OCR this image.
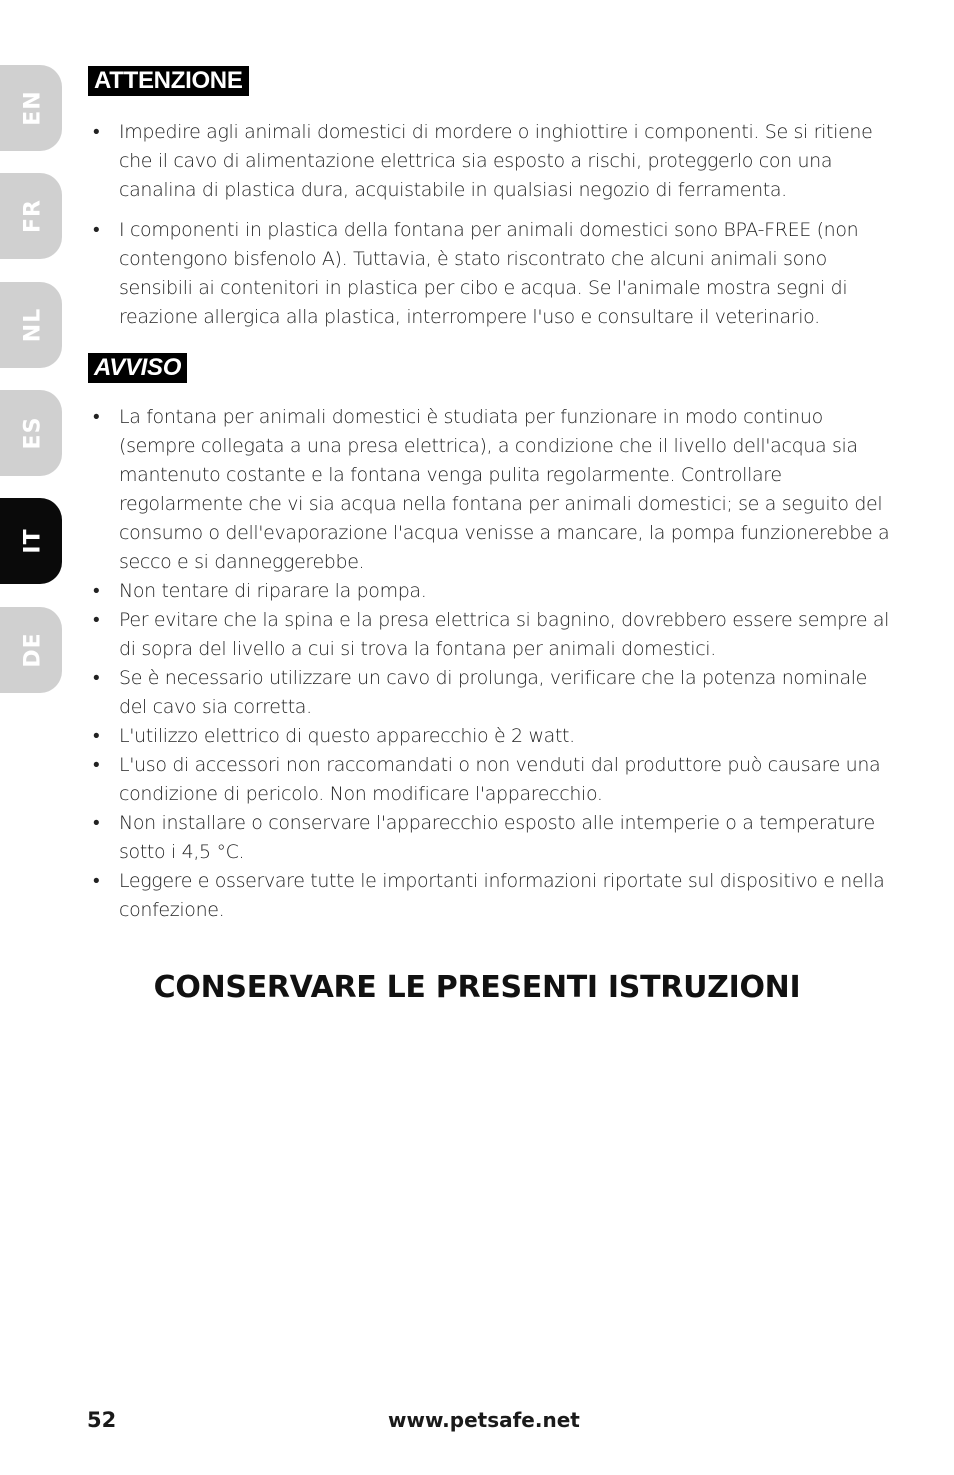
EN
FR
NL
ES
IT
DE
ATTENZIONE
• Impedire agli animali domestici di mordere o inghiottire i componenti. Se si ritiene che il cavo di alimentazione elettrica sia esposto a rischi, proteggerlo con una canalina di plastica dura, acquistabile in qualsiasi negozio di ferramenta.
• I componenti in plastica della fontana per animali domestici sono BPA-FREE (non contengono bisfenolo A). Tuttavia, è stato riscontrato che alcuni animali sono sensibili ai contenitori in plastica per cibo e acqua. Se l'animale mostra segni di reazione allergica alla plastica, interrompere l'uso e consultare il veterinario.
AVVISO
• La fontana per animali domestici è studiata per funzionare in modo continuo (sempre collegata a una presa elettrica), a condizione che il livello dell'acqua sia mantenuto costante e la fontana venga pulita regolarmente. Controllare regolarmente che vi sia acqua nella fontana per animali domestici; se a seguito del consumo o dell'evaporazione l'acqua venisse a mancare, la pompa funzionerebbe a secco e si danneggerebbe.
• Non tentare di riparare la pompa.
• Per evitare che la spina e la presa elettrica si bagnino, dovrebbero essere sempre al di sopra del livello a cui si trova la fontana per animali domestici.
• Se è necessario utilizzare un cavo di prolunga, verificare che la potenza nominale del cavo sia corretta.
• L'utilizzo elettrico di questo apparecchio è 2 watt.
• L'uso di accessori non raccomandati o non venduti dal produttore può causare una condizione di pericolo. Non modificare l'apparecchio.
• Non installare o conservare l'apparecchio esposto alle intemperie o a temperature sotto i 4,5 °C.
• Leggere e osservare tutte le importanti informazioni riportate sul dispositivo e nella confezione.
CONSERVARE LE PRESENTI ISTRUZIONI
52	www.petsafe.net
